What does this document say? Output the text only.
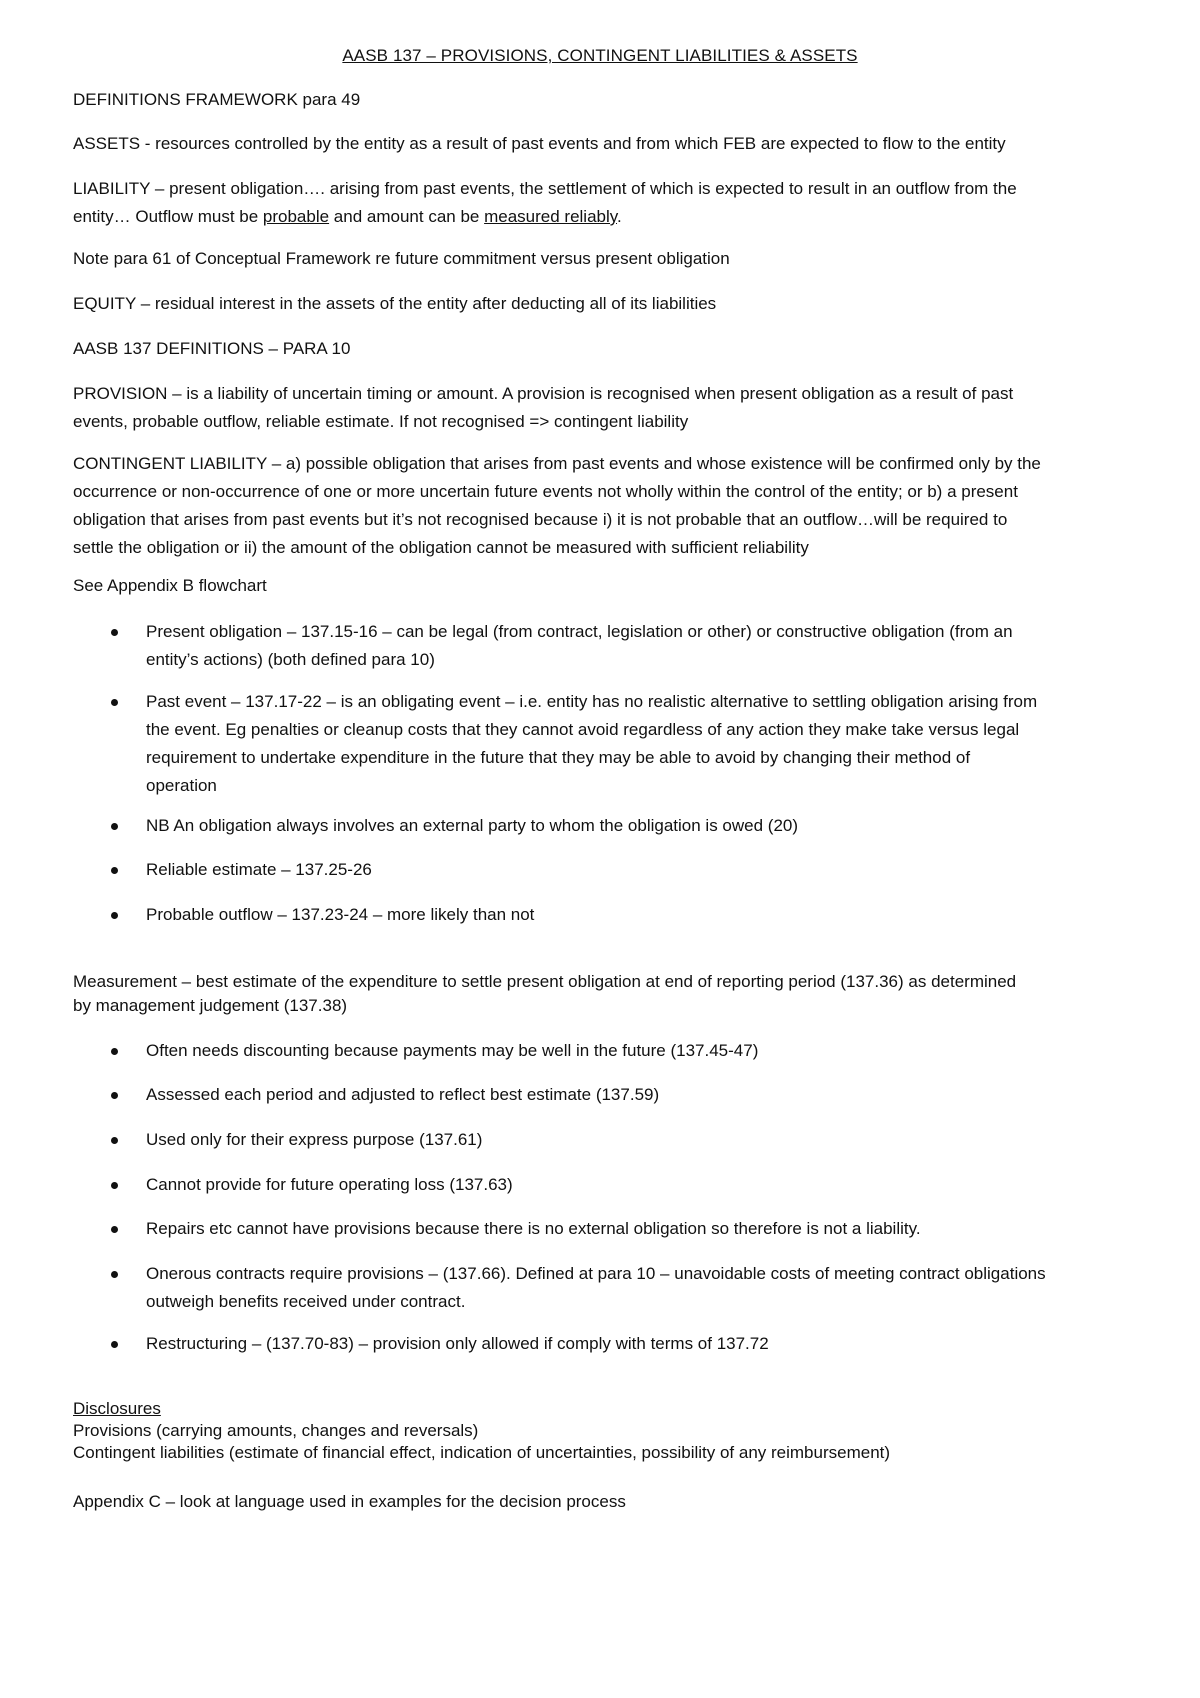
AASB 137 – PROVISIONS, CONTINGENT LIABILITIES & ASSETS
DEFINITIONS FRAMEWORK para 49
ASSETS - resources controlled by the entity as a result of past events and from which FEB are expected to flow to the entity
LIABILITY – present obligation…. arising from past events, the settlement of which is expected to result in an outflow from the
entity… Outflow must be probable and amount can be measured reliably.
Note para 61 of Conceptual Framework re future commitment versus present obligation
EQUITY – residual interest in the assets of the entity after deducting all of its liabilities
AASB 137 DEFINITIONS – PARA 10
PROVISION – is a liability of uncertain timing or amount. A provision is recognised when present obligation as a result of past
events, probable outflow, reliable estimate. If not recognised => contingent liability
CONTINGENT LIABILITY – a) possible obligation that arises from past events and whose existence will be confirmed only by the
occurrence or non-occurrence of one or more uncertain future events not wholly within the control of the entity; or b) a present
obligation that arises from past events but it’s not recognised because i) it is not probable that an outflow…will be required to
settle the obligation or ii) the amount of the obligation cannot be measured with sufficient reliability
See Appendix B flowchart
Present obligation – 137.15-16 – can be legal (from contract, legislation or other) or constructive obligation (from an
entity’s actions) (both defined para 10)
Past event – 137.17-22 – is an obligating event – i.e. entity has no realistic alternative to settling obligation arising from
the event. Eg penalties or cleanup costs that they cannot avoid regardless of any action they make take versus legal
requirement to undertake expenditure in the future that they may be able to avoid by changing their method of
operation
NB An obligation always involves an external party to whom the obligation is owed (20)
Reliable estimate – 137.25-26
Probable outflow – 137.23-24 – more likely than not
Measurement – best estimate of the expenditure to settle present obligation at end of reporting period (137.36) as determined
by management judgement (137.38)
Often needs discounting because payments may be well in the future (137.45-47)
Assessed each period and adjusted to reflect best estimate (137.59)
Used only for their express purpose (137.61)
Cannot provide for future operating loss (137.63)
Repairs etc cannot have provisions because there is no external obligation so therefore is not a liability.
Onerous contracts require provisions – (137.66). Defined at para 10 – unavoidable costs of meeting contract obligations
outweigh benefits received under contract.
Restructuring – (137.70-83) – provision only allowed if comply with terms of 137.72
Disclosures
Provisions (carrying amounts, changes and reversals)
Contingent liabilities (estimate of financial effect, indication of uncertainties, possibility of any reimbursement)
Appendix C – look at language used in examples for the decision process
